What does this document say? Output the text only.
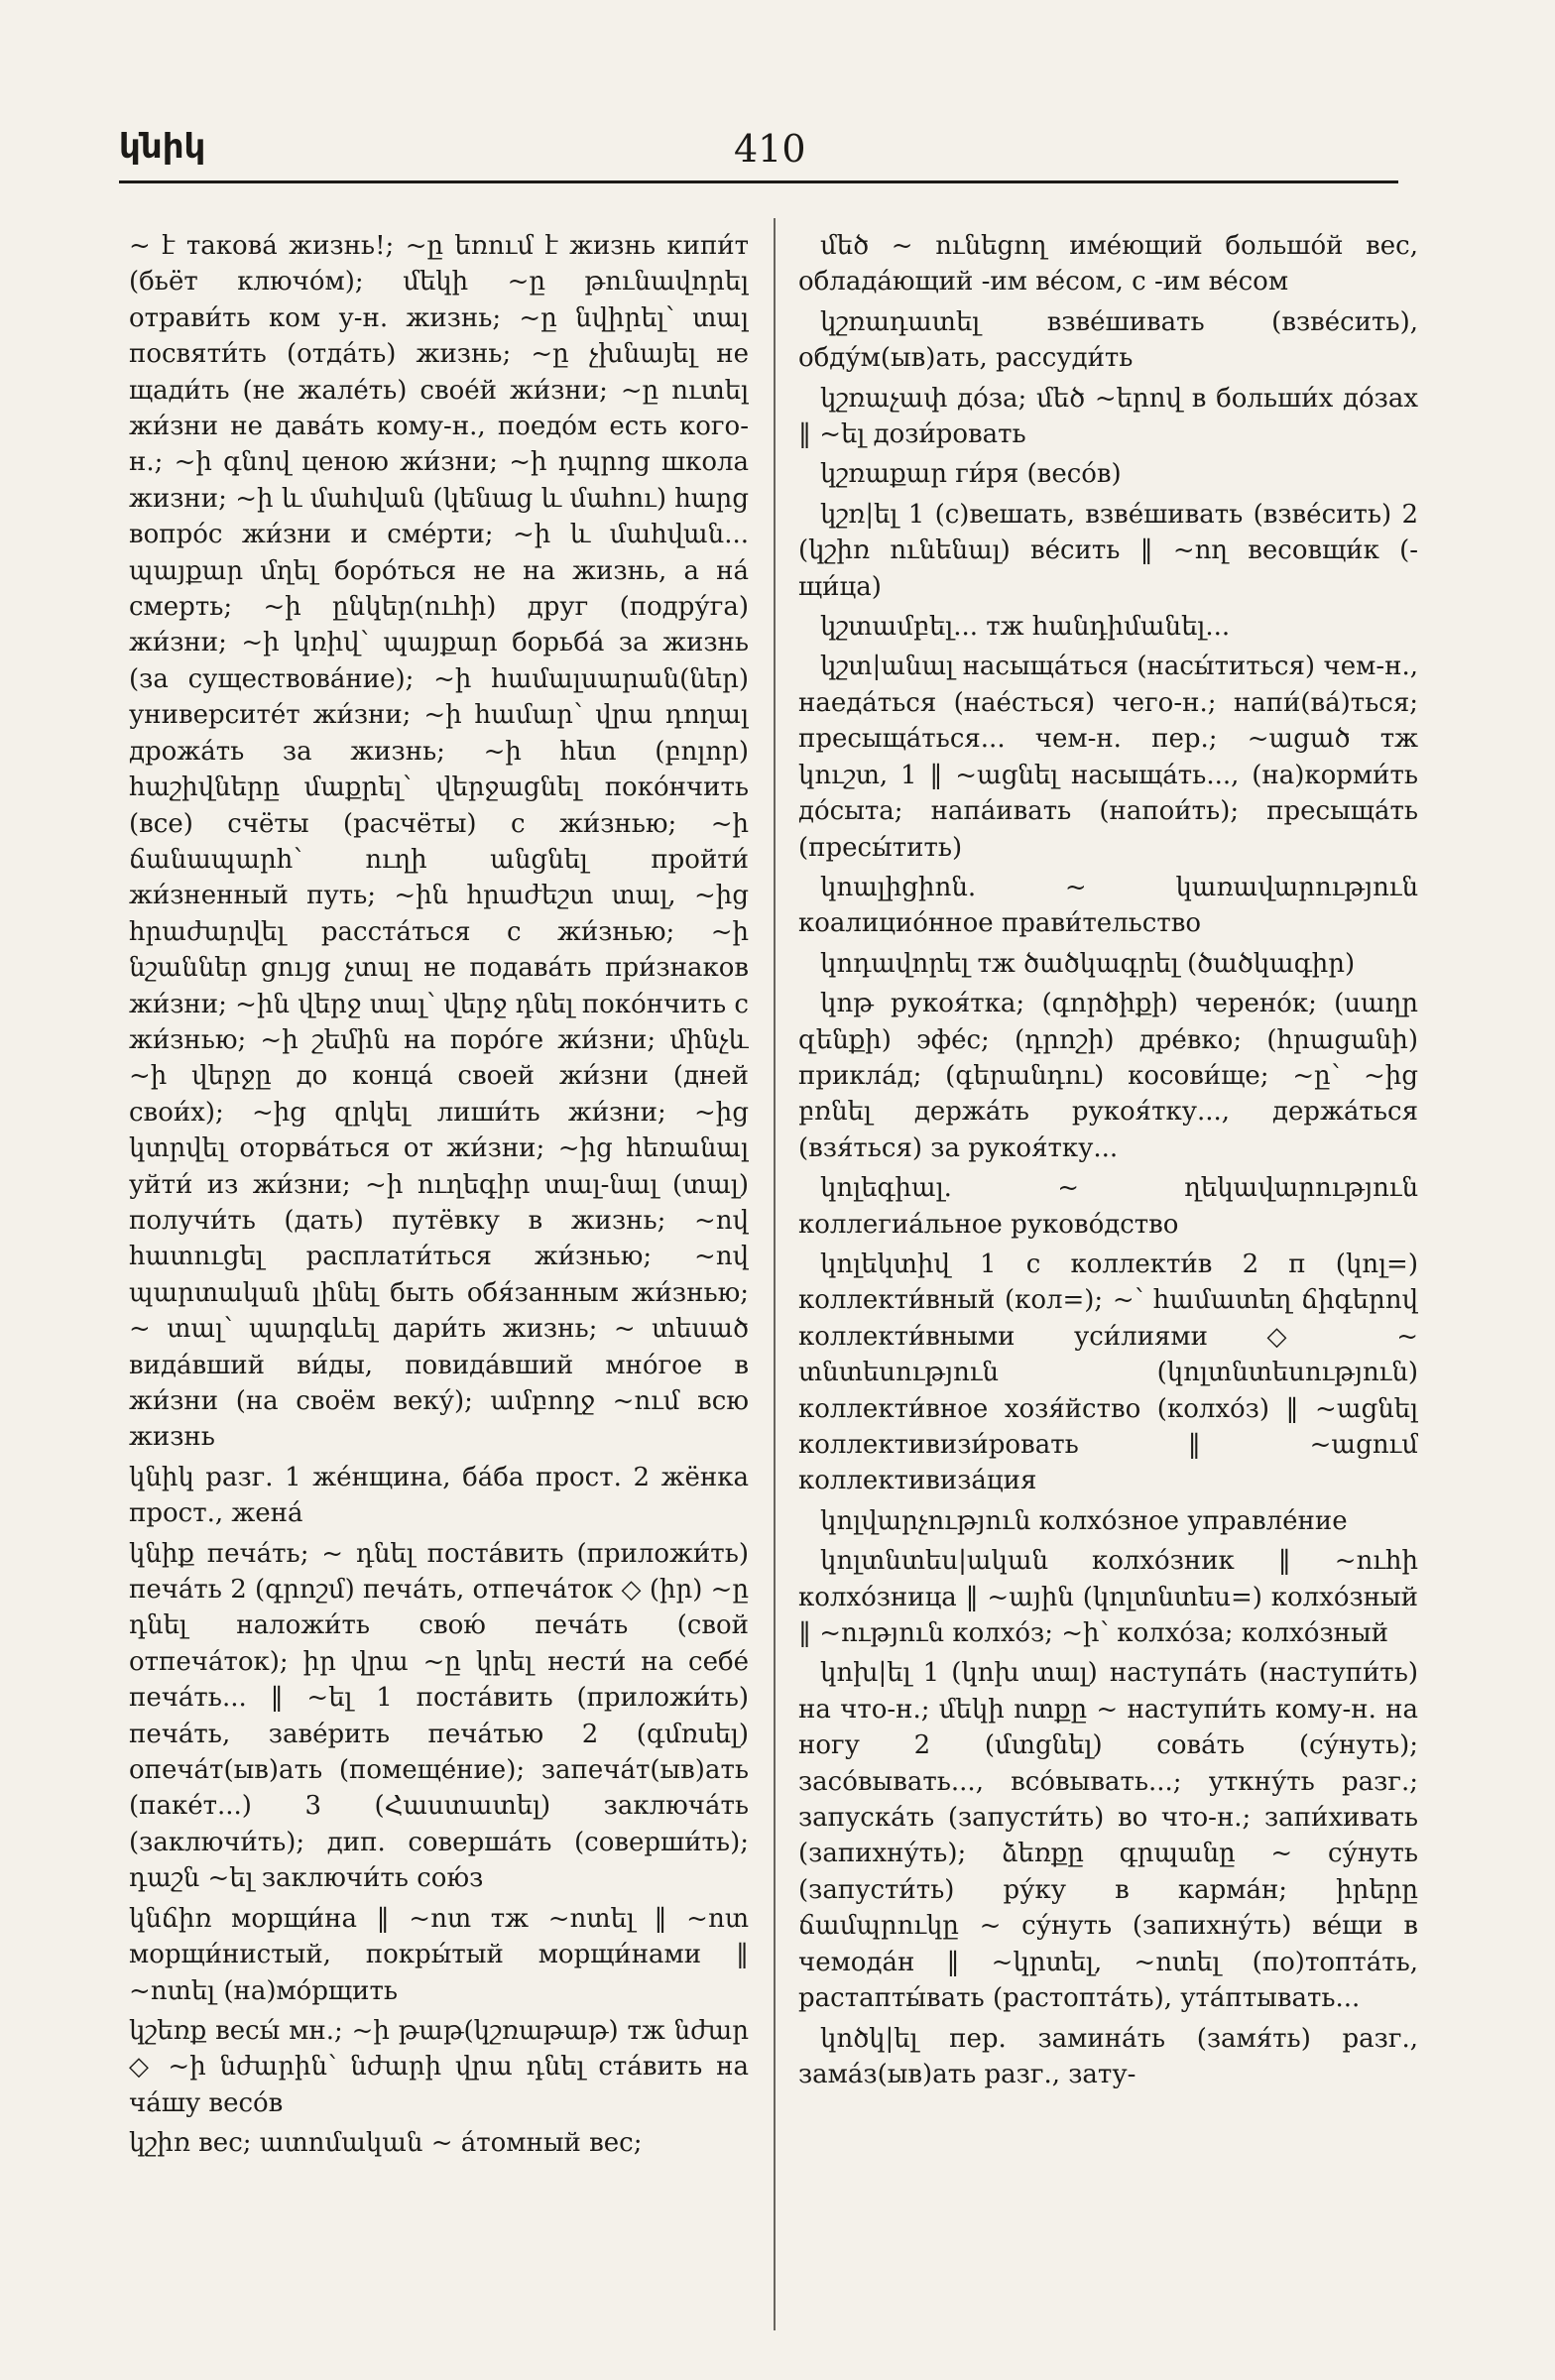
կնիկ	410

~ է такова́ жизнь!; ~ը եռում է жизнь кипи́т (бьёт ключо́м); մեկի ~ը թունավորել отрави́ть ком у-н. жизнь; ~ը նվիրել՝ տալ посвяти́ть (отда́ть) жизнь; ~ը չխնայել не щади́ть (не жале́ть) свое́й жи́зни; ~ը ուտել жи́зни не дава́ть кому-н., поедо́м есть кого-н.; ~ի գնով ценою жи́зни; ~ի դպրոց школа жизни; ~ի և մահվան (կենաց և մահու) հարց вопро́с жи́зни и сме́рти; ~ի և մահվան... պայքար մղել боро́ться не на жизнь, а на́ смерть; ~ի ընկեր(ուհի) друг (подру́га) жи́зни; ~ի կռիվ՝ պայքար борьба́ за жизнь (за существова́ние); ~ի համալսարան(ներ) университе́т жи́зни; ~ի համար՝ վրա դողալ дрожа́ть за жизнь; ~ի հետ (բոլոր) հաշիվները մաքրել՝ վերջացնել поко́нчить (все) счёты (расчёты) с жи́знью; ~ի ճանապարհ՝ ուղի անցնել пройти́ жи́зненный путь; ~ին հրաժեշտ տալ, ~ից հրաժարվել расста́ться с жи́знью; ~ի նշաններ ցույց չտալ не подава́ть при́знаков жи́зни; ~ին վերջ տալ՝ վերջ դնել поко́нчить с жи́знью; ~ի շեմին на поро́ге жи́зни; մինչև ~ի վերջը до конца́ своей жи́зни (дней свои́х); ~ից զրկել лиши́ть жи́зни; ~ից կտրվել оторва́ться от жи́зни; ~ից հեռանալ уйти́ из жи́зни; ~ի ուղեգիր տալ-նալ (տալ) получи́ть (дать) путёвку в жизнь; ~ով հատուցել расплати́ться жи́знью; ~ով պարտական լինել быть обя́занным жи́знью; ~ տալ՝ պարգևել дари́ть жизнь; ~ տեսած вида́вший ви́ды, повида́вший мно́гое в жи́зни (на своём веку́); ամբողջ ~ում всю жизнь

կնիկ разг. 1 же́нщина, ба́ба прост. 2 жёнка прост., жена́

կնիք печа́ть; ~ դնել поста́вить (приложи́ть) печа́ть 2 (գրոշմ) печа́ть, отпеча́ток ◇ (իր) ~ը դնել наложи́ть свою́ печа́ть (свой отпеча́ток); իր վրա ~ը կրել нести́ на себе́ печа́ть... ‖ ~ել 1 поста́вить (приложи́ть) печа́ть, заве́рить печа́тью 2 (գմռսել) опеча́т(ыв)ать (помеще́ние); запеча́т(ыв)ать (паке́т...) 3 (Հաստատել) заключа́ть (заключи́ть); дип. соверша́ть (соверши́ть); դաշն ~ել заключи́ть сою́з

կնճիռ морщи́на ‖ ~ոտ тж ~ոտել ‖ ~ոտ морщи́нистый, покры́тый морщи́нами ‖ ~ոտել (на)мо́рщить

կշեռք весы́ мн.; ~ի թաթ(կշռաթաթ) тж նժար ◇ ~ի նժարին՝ նժարի վրա դնել ста́вить на ча́шу весо́в

կշիռ вес; ատոմական ~ а́томный вес;

մեծ ~ ունեցող име́ющий большо́й вес, облада́ющий -им ве́сом, с -им ве́сом

կշռադատել взве́шивать (взве́сить), обду́м(ыв)ать, рассуди́ть

կշռաչափ до́за; մեծ ~երով в больши́х до́зах ‖ ~ել дози́ровать

կշռաքար ги́ря (весо́в)

կշռ|ել 1 (с)вешать, взве́шивать (взве́сить) 2 (կշիռ ունենալ) ве́сить ‖ ~ող весовщи́к (-щи́ца)

կշտամբել... тж հանդիմանել...

կշտ|անալ насыща́ться (насы́титься) чем-н., наеда́ться (нае́сться) чего-н.; напи́(ва́)ться; пресыща́ться... чем-н. пер.; ~ացած тж կուշտ, 1 ‖ ~ացնել насыща́ть..., (на)корми́ть до́сыта; напа́ивать (напои́ть); пресыща́ть (пресы́тить)

կոալիցիոն. ~ կառավարություն коалицио́нное прави́тельство

կոդավորել тж ծածկագրել (ծածկագիր)

կոթ рукоя́тка; (գործիքի) черено́к; (սաղր զենքի) эфе́с; (դրոշի) дре́вко; (հրացանի) прикла́д; (գերանդու) косови́ще; ~ը՝ ~ից բռնել держа́ть рукоя́тку..., держа́ться (взя́ться) за рукоя́тку...

կոլեգիալ. ~ ղեկավարություն коллегиа́льное руково́дство

կոլեկտիվ 1 с коллекти́в 2 п (կոլ=) коллекти́вный (кол=); ~՝ համատեղ ճիգերով коллекти́вными уси́лиями ◇ ~ տնտեսություն (կոլտնտեսություն) коллекти́вное хозя́йство (колхо́з) ‖ ~ացնել коллективизи́ровать ‖ ~ացում коллективиза́ция

կոլվարչություն колхо́зное управле́ние

կոլտնտես|ական колхо́зник ‖ ~ուհի колхо́зница ‖ ~ային (կոլտնտես=) колхо́зный ‖ ~ություն колхо́з; ~ի՝ колхо́за; колхо́зный

կոխ|ել 1 (կոխ տալ) наступа́ть (наступи́ть) на что-н.; մեկի ոտքը ~ наступи́ть кому-н. на ногу 2 (մտցնել) сова́ть (су́нуть); засо́вывать..., всо́вывать...; уткну́ть разг.; запуска́ть (запусти́ть) во что-н.; запи́хивать (запихну́ть); ձեռքը գրպանը ~ су́нуть (запусти́ть) ру́ку в карма́н; իրերը ճամպրուկը ~ су́нуть (запихну́ть) ве́щи в чемода́н ‖ ~կրտել, ~ոտել (по)топта́ть, растапты́вать (растопта́ть), ута́птывать...

կոծկ|ել пер. замина́ть (замя́ть) разг., зама́з(ыв)ать разг., зату-
